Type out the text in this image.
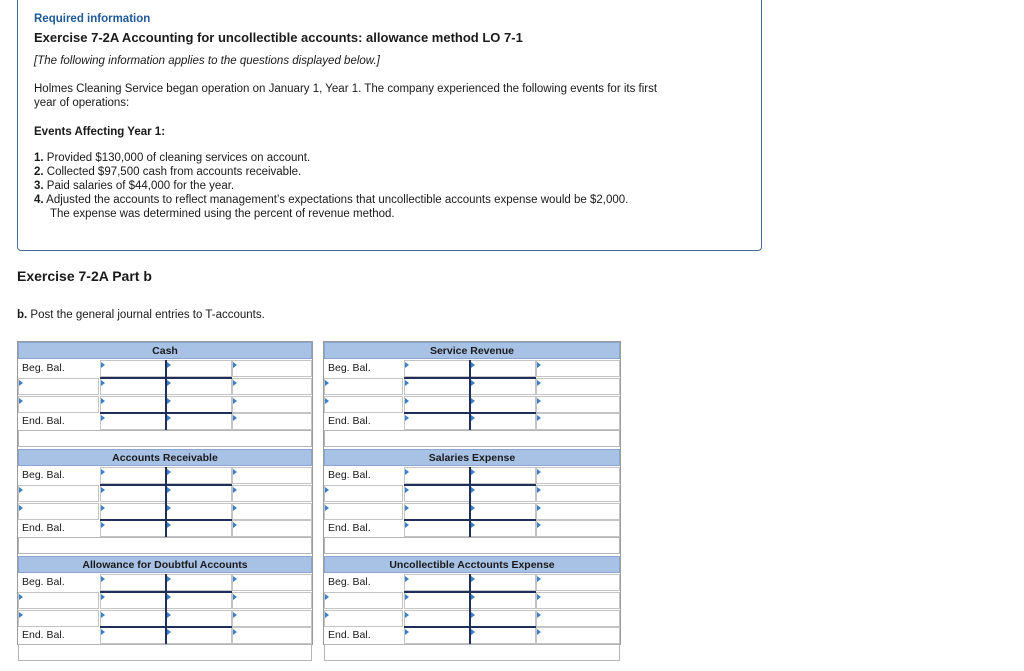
Required information
Exercise 7-2A Accounting for uncollectible accounts: allowance method LO 7-1
[The following information applies to the questions displayed below.]
Holmes Cleaning Service began operation on January 1, Year 1. The company experienced the following events for its first
year of operations:
Events Affecting Year 1:
1. Provided $130,000 of cleaning services on account.
2. Collected $97,500 cash from accounts receivable.
3. Paid salaries of $44,000 for the year.
4. Adjusted the accounts to reflect management’s expectations that uncollectible accounts expense would be $2,000.
The expense was determined using the percent of revenue method.
Exercise 7-2A Part b
b. Post the general journal entries to T-accounts.
Cash
Beg. Bal.
End. Bal.
Service Revenue
Beg. Bal.
End. Bal.
Accounts Receivable
Beg. Bal.
End. Bal.
Salaries Expense
Beg. Bal.
End. Bal.
Allowance for Doubtful Accounts
Beg. Bal.
End. Bal.
Uncollectible Acctounts Expense
Beg. Bal.
End. Bal.
